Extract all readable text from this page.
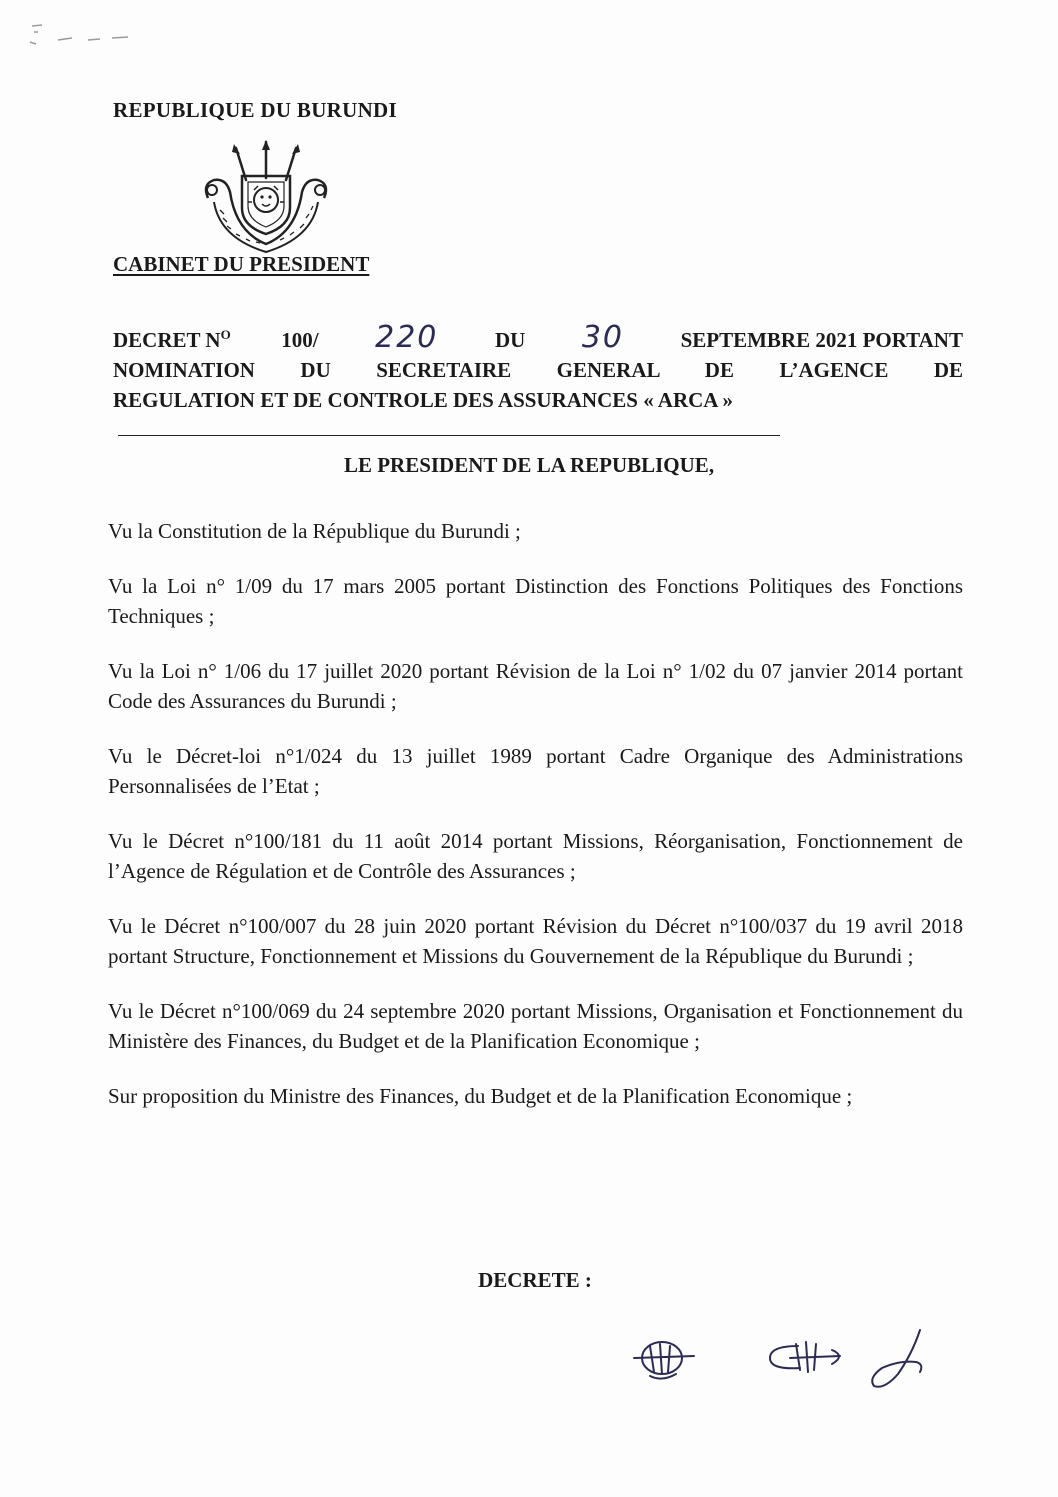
REPUBLIQUE DU BURUNDI
CABINET DU PRESIDENT
DECRET $N^O$ 100/ 220	DU 30	SEPTEMBRE 2021 PORTANT
NOMINATION DU SECRETAIRE GENERAL DE L’AGENCE DE
REGULATION ET DE CONTROLE DES ASSURANCES « ARCA »
LE PRESIDENT DE LA REPUBLIQUE,

Vu la Constitution de la République du Burundi ;

Vu la Loi n° 1/09 du 17 mars 2005 portant Distinction des Fonctions Politiques des Fonctions Techniques ;

Vu la Loi n° 1/06 du 17 juillet 2020 portant Révision de la Loi n° 1/02 du 07 janvier 2014 portant Code des Assurances du Burundi ;

Vu le Décret-loi n°1/024 du 13 juillet 1989 portant Cadre Organique des Administrations Personnalisées de l’Etat ;

Vu le Décret n°100/181 du 11 août 2014 portant Missions, Réorganisation, Fonctionnement de l’Agence de Régulation et de Contrôle des Assurances ;

Vu le Décret n°100/007 du 28 juin 2020 portant Révision du Décret n°100/037 du 19 avril 2018 portant Structure, Fonctionnement et Missions du Gouvernement de la République du Burundi ;

Vu le Décret n°100/069 du 24 septembre 2020 portant Missions, Organisation et Fonctionnement du Ministère des Finances, du Budget et de la Planification Economique ;

Sur proposition du Ministre des Finances, du Budget et de la Planification Economique ;

DECRETE :
